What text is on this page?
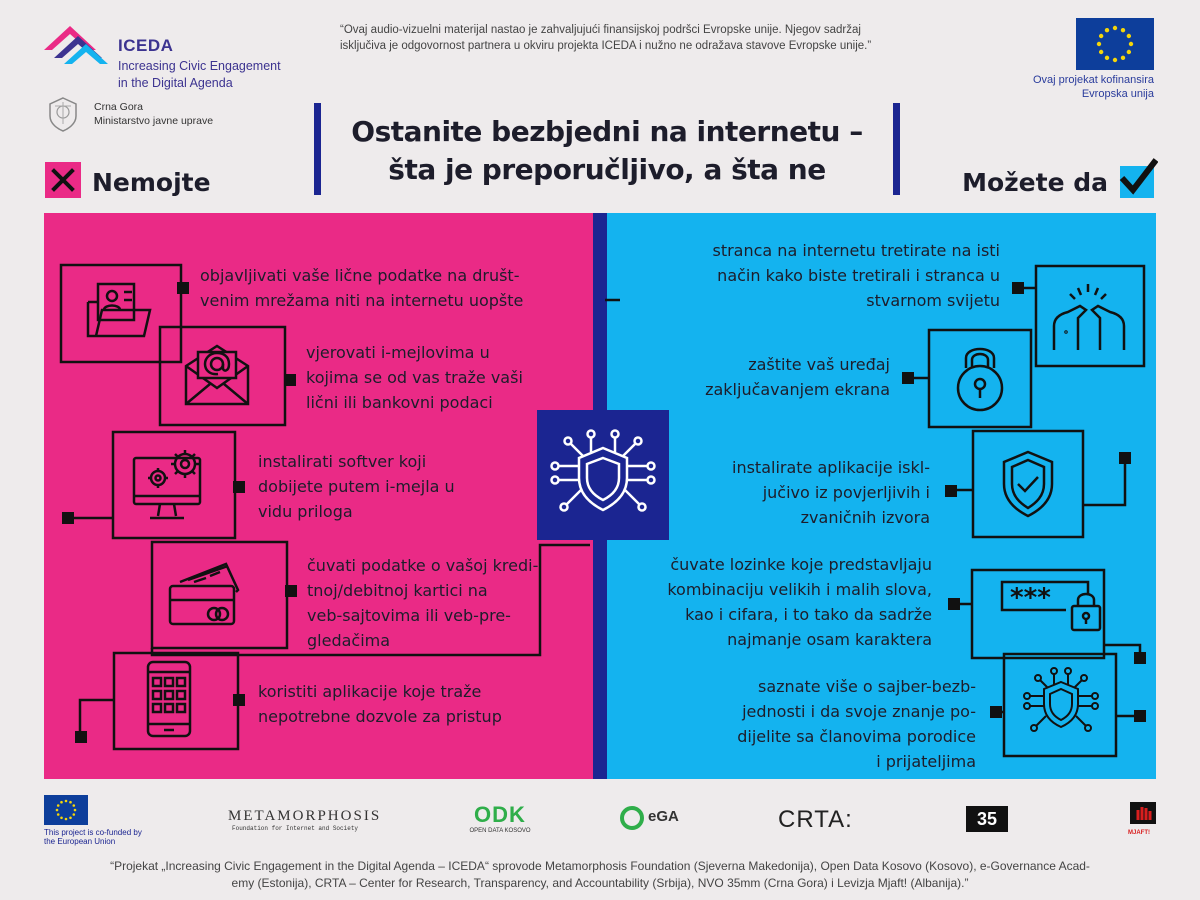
ICEDA
Increasing Civic Engagement
in the Digital Agenda
Crna Gora
Ministarstvo javne uprave
“Ovaj audio-vizuelni materijal nastao je zahvaljujući finansijskoj podršci Evropske unije. Njegov sadržaj
isključiva je odgovornost partnera u okviru projekta ICEDA i nužno ne odražava stavove Evropske unije.”
Ovaj projekat kofinansira
Evropska unija
Ostanite bezbjedni na internetu –
šta je preporučljivo, a šta ne
Nemojte	Možete da
objavljivati vaše lične podatke na društ-
venim mrežama niti na internetu uopšte
vjerovati i-mejlovima u
kojima se od vas traže vaši
lični ili bankovni podaci
instalirati softver koji
dobijete putem i-mejla u
vidu priloga
čuvati podatke o vašoj kredi-
tnoj/debitnoj kartici na
veb-sajtovima ili veb-pre-
gledačima
koristiti aplikacije koje traže
nepotrebne dozvole za pristup
stranca na internetu tretirate na isti
način kako biste tretirali i stranca u
stvarnom svijetu
zaštite vaš uređaj
zaključavanjem ekrana
instalirate aplikacije iskl-
jučivo iz povjerljivih i
zvaničnih izvora
čuvate lozinke koje predstavljaju
kombinaciju velikih i malih slova,
kao i cifara, i to tako da sadrže
najmanje osam karaktera
saznate više o sajber-bezb-
jednosti i da svoje znanje po-
dijelite sa članovima porodice
i prijateljima
***
This project is co-funded by
the European Union
METAMORPHOSIS
Foundation for Internet and Society
ODK
OPEN DATA KOSOVO
eGA	CRTA:	35
MJAFT!
“Projekat „Increasing Civic Engagement in the Digital Agenda – ICEDA“ sprovode Metamorphosis Foundation (Sjeverna Makedonija), Open Data Kosovo (Kosovo), e-Governance Acad-
emy (Estonija), CRTA – Center for Research, Transparency, and Accountability (Srbija), NVO 35mm (Crna Gora) i Levizja Mjaft! (Albanija).”
